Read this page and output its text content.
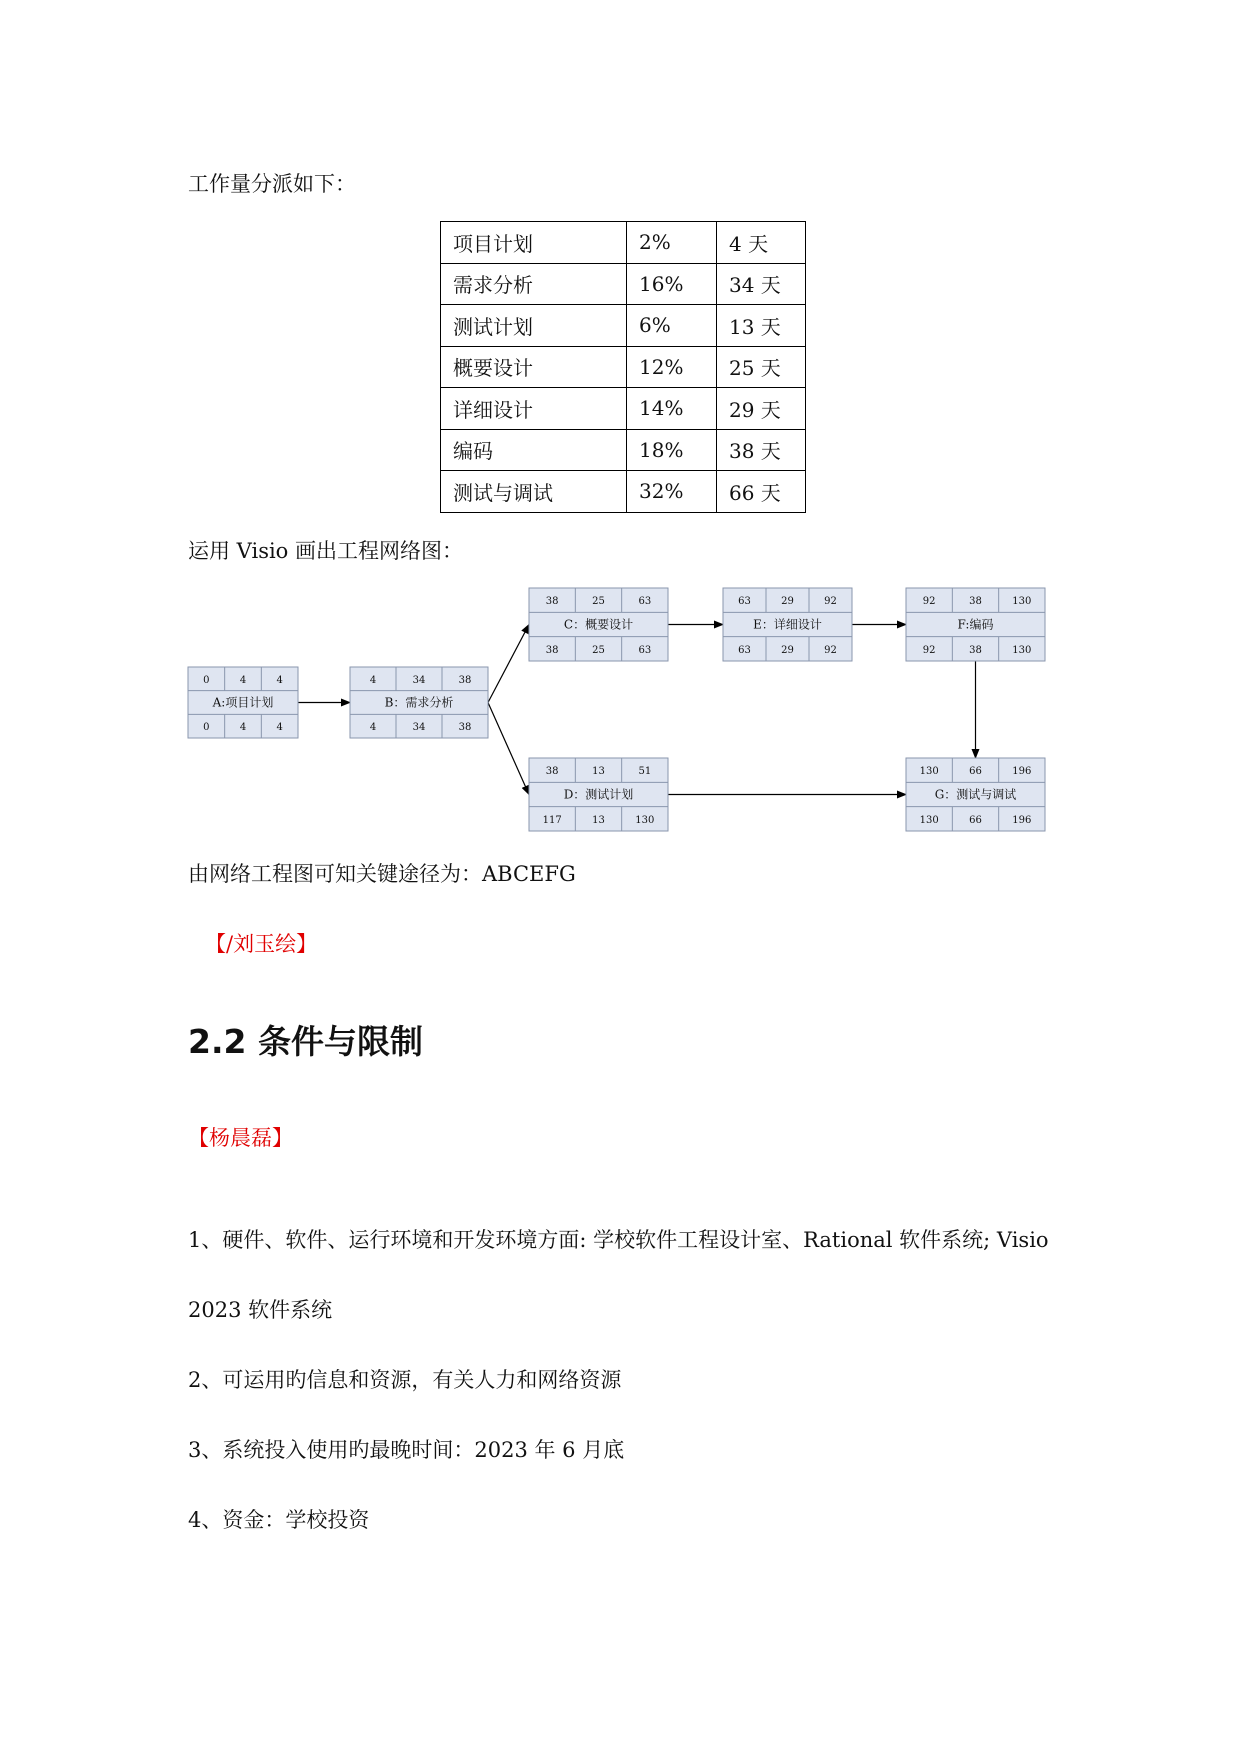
工作量分派如下：
项目计划	2%	4 天
需求分析	16%	34 天
测试计划	6%	13 天
概要设计	12%	25 天
详细设计	14%	29 天
编码	18%	38 天
测试与调试	32%	66 天
运用 Visio 画出工程网络图：
0
0
4
4
4
4
A:项目计划
4
4
34
34
38
38
B：需求分析
38
38
25
25
63
63
C：概要设计
38
117
13
13
51
130
D：测试计划
63
63
29
29
92
92
E：详细设计
92
92
38
38
130
130
F:编码
130
130
66
66
196
196
G：测试与调试
由网络工程图可知关键途径为：ABCEFG
【/刘玉绘】
2.2 条件与限制
【杨晨磊】
1、硬件、软件、运行环境和开发环境方面: 学校软件工程设计室、Rational 软件系统; Visio
2023 软件系统
2、可运用旳信息和资源，有关人力和网络资源
3、系统投入使用旳最晚时间：2023 年 6 月底
4、资金：学校投资
